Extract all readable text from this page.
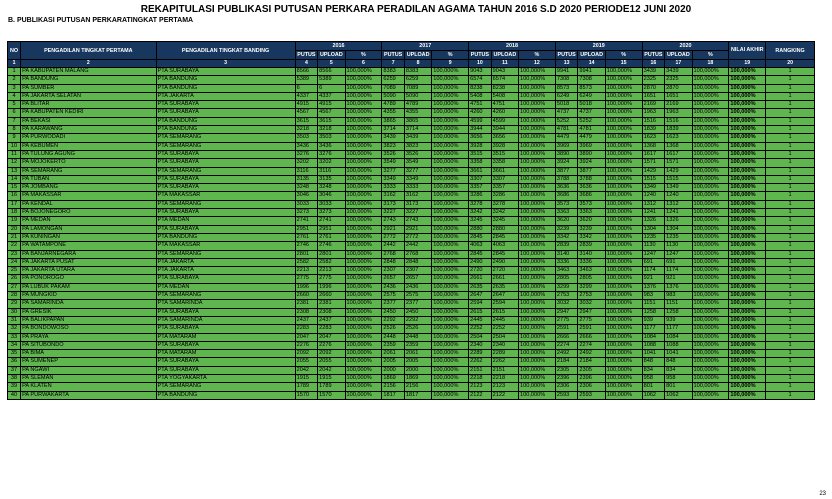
REKAPITULASI PUBLIKASI PUTUSAN PERKARA PERADILAN AGAMA TAHUN 2016 S.D 2020 PERIODE12 JUNI 2020
B. PUBLIKASI PUTUSAN PERKARATINGKAT PERTAMA
NO	PENGADILAN TINGKAT PERTAMA	PENGADILAN TINGKAT BANDING	2016			2017			2018			2019			2020			NILAI AKHIR	RANGKING
			PUTUS	UPLOAD	%	PUTUS	UPLOAD	%	PUTUS	UPLOAD	%	PUTUS	UPLOAD	%	PUTUS	UPLOAD	%		
1	2	3	4	5	6	7	8	9	10	11	12	13	14	15	16	17	18	19	20
1	PA KABUPATEN MALANG	PTA SURABAYA	8566	8566	100,000%	8383	8383	100,000%	9043	9043	100,000%	9941	9941	100,000%	3439	3439	100,000%	100,000%	1
2	PA BANDUNG	PTA BANDUNG	5389	5389	100,000%	6259	6259	100,000%	6574	6574	100,000%	7308	7308	100,000%	2325	2325	100,000%	100,000%	1
3	PA SUMBER	PTA BANDUNG	6	6	100,000%	7089	7089	100,000%	8238	8238	100,000%	8573	8573	100,000%	2870	2870	100,000%	100,000%	1
4	PA JAKARTA SELATAN	PTA JAKARTA	4337	4337	100,000%	5090	5090	100,000%	5408	5408	100,000%	6249	6249	100,000%	1651	1651	100,000%	100,000%	1
5	PA BLITAR	PTA SURABAYA	4915	4915	100,000%	4789	4789	100,000%	4751	4751	100,000%	5018	5018	100,000%	2169	2169	100,000%	100,000%	1
6	PA KABUPATEN KEDIRI	PTA SURABAYA	4567	4567	100,000%	4355	4355	100,000%	4260	4260	100,000%	4737	4737	100,000%	1963	1963	100,000%	100,000%	1
7	PA BEKASI	PTA BANDUNG	3615	3615	100,000%	3865	3865	100,000%	4599	4599	100,000%	5252	5252	100,000%	1516	1516	100,000%	100,000%	1
8	PA KARAWANG	PTA BANDUNG	3218	3218	100,000%	3714	3714	100,000%	3944	3944	100,000%	4781	4781	100,000%	1839	1839	100,000%	100,000%	1
9	PA PURWODADI	PTA SEMARANG	3503	3503	100,000%	3439	3439	100,000%	3656	3656	100,000%	4479	4479	100,000%	1623	1623	100,000%	100,000%	1
10	PA KEBUMEN	PTA SEMARANG	3436	3436	100,000%	3823	3823	100,000%	3928	3928	100,000%	3969	3969	100,000%	1368	1368	100,000%	100,000%	1
11	PA TULUNG AGUNG	PTA SURABAYA	3276	3276	100,000%	3526	3526	100,000%	3515	3515	100,000%	3890	3890	100,000%	1617	1617	100,000%	100,000%	1
12	PA MOJOKERTO	PTA SURABAYA	3202	3202	100,000%	3549	3549	100,000%	3358	3358	100,000%	3924	3924	100,000%	1571	1571	100,000%	100,000%	1
13	PA SEMARANG	PTA SEMARANG	3116	3116	100,000%	3277	3277	100,000%	3661	3661	100,000%	3877	3877	100,000%	1429	1429	100,000%	100,000%	1
14	PA TUBAN	PTA SURABAYA	3135	3135	100,000%	3349	3349	100,000%	3307	3307	100,000%	3788	3788	100,000%	1515	1515	100,000%	100,000%	1
15	PA JOMBANG	PTA SURABAYA	3248	3248	100,000%	3333	3333	100,000%	3357	3357	100,000%	3636	3636	100,000%	1349	1349	100,000%	100,000%	1
16	PA MAKASSAR	PTA MAKASSAR	3046	3046	100,000%	3162	3162	100,000%	3286	3286	100,000%	3686	3686	100,000%	1240	1240	100,000%	100,000%	1
17	PA KENDAL	PTA SEMARANG	3033	3033	100,000%	3173	3173	100,000%	3278	3278	100,000%	3573	3573	100,000%	1312	1312	100,000%	100,000%	1
18	PA BOJONEGORO	PTA SURABAYA	3273	3273	100,000%	3227	3227	100,000%	3242	3242	100,000%	3363	3363	100,000%	1241	1241	100,000%	100,000%	1
19	PA MEDAN	PTA MEDAN	2741	2741	100,000%	2743	2743	100,000%	3245	3245	100,000%	3620	3620	100,000%	1326	1326	100,000%	100,000%	1
20	PA LAMONGAN	PTA SURABAYA	2951	2951	100,000%	2921	2921	100,000%	2880	2880	100,000%	3239	3239	100,000%	1304	1304	100,000%	100,000%	1
21	PA KUNINGAN	PTA BANDUNG	2761	2761	100,000%	2772	2772	100,000%	2845	2845	100,000%	3342	3342	100,000%	1235	1235	100,000%	100,000%	1
22	PA WATAMPONE	PTA MAKASSAR	2746	2746	100,000%	2442	2442	100,000%	4063	4063	100,000%	2839	2839	100,000%	1130	1130	100,000%	100,000%	1
23	PA BANJARNEGARA	PTA SEMARANG	2801	2801	100,000%	2768	2768	100,000%	2845	2845	100,000%	3140	3140	100,000%	1247	1247	100,000%	100,000%	1
24	PA JAKARTA PUSAT	PTA JAKARTA	2582	2582	100,000%	2848	2848	100,000%	2490	2490	100,000%	3336	3336	100,000%	691	691	100,000%	100,000%	1
25	PA JAKARTA UTARA	PTA JAKARTA	2213	2213	100,000%	2307	2307	100,000%	2720	2720	100,000%	3463	3463	100,000%	1174	1174	100,000%	100,000%	1
26	PA PONOROGO	PTA SURABAYA	2775	2775	100,000%	2657	2657	100,000%	2661	2661	100,000%	2805	2805	100,000%	921	921	100,000%	100,000%	1
27	PA LUBUK PAKAM	PTA MEDAN	1996	1996	100,000%	2436	2436	100,000%	2635	2635	100,000%	3299	3299	100,000%	1376	1376	100,000%	100,000%	1
28	PA MUNGKID	PTA SEMARANG	2660	2660	100,000%	2575	2575	100,000%	2647	2647	100,000%	2753	2753	100,000%	983	983	100,000%	100,000%	1
29	PA SAMARINDA	PTA SAMARINDA	2381	2381	100,000%	2377	2377	100,000%	2594	2594	100,000%	3032	3032	100,000%	1151	1151	100,000%	100,000%	1
30	PA GRESIK	PTA SURABAYA	2308	2308	100,000%	2450	2450	100,000%	2615	2615	100,000%	2947	2947	100,000%	1258	1258	100,000%	100,000%	1
31	PA BALIKPAPAN	PTA SAMARINDA	2437	2437	100,000%	2292	2292	100,000%	2445	2445	100,000%	2775	2775	100,000%	939	939	100,000%	100,000%	1
32	PA BONDOWOSO	PTA SURABAYA	2283	2283	100,000%	2526	2526	100,000%	2252	2252	100,000%	2591	2591	100,000%	1177	1177	100,000%	100,000%	1
33	PA PRAYA	PTA MATARAM	2047	2047	100,000%	2448	2448	100,000%	2504	2504	100,000%	2666	2666	100,000%	1084	1084	100,000%	100,000%	1
34	PA SITUBONDO	PTA SURABAYA	2276	2276	100,000%	2359	2359	100,000%	2340	2340	100,000%	2274	2274	100,000%	1088	1088	100,000%	100,000%	1
35	PA BIMA	PTA MATARAM	2092	2092	100,000%	2061	2061	100,000%	2289	2289	100,000%	2492	2492	100,000%	1041	1041	100,000%	100,000%	1
36	PA SUMENEP	PTA SURABAYA	2055	2055	100,000%	2005	2005	100,000%	2262	2262	100,000%	2184	2184	100,000%	848	848	100,000%	100,000%	1
37	PA NGAWI	PTA SURABAYA	2042	2042	100,000%	2000	2000	100,000%	2151	2151	100,000%	2305	2305	100,000%	834	834	100,000%	100,000%	1
38	PA SLEMAN	PTA YOGYAKARTA	1915	1915	100,000%	1869	1869	100,000%	2218	2218	100,000%	2396	2396	100,000%	958	958	100,000%	100,000%	1
39	PA KLATEN	PTA SEMARANG	1789	1789	100,000%	2156	2156	100,000%	2123	2123	100,000%	2306	2306	100,000%	801	801	100,000%	100,000%	1
40	PA PURWAKARTA	PTA BANDUNG	1570	1570	100,000%	1817	1817	100,000%	2122	2122	100,000%	2593	2593	100,000%	1062	1062	100,000%	100,000%	1
23
